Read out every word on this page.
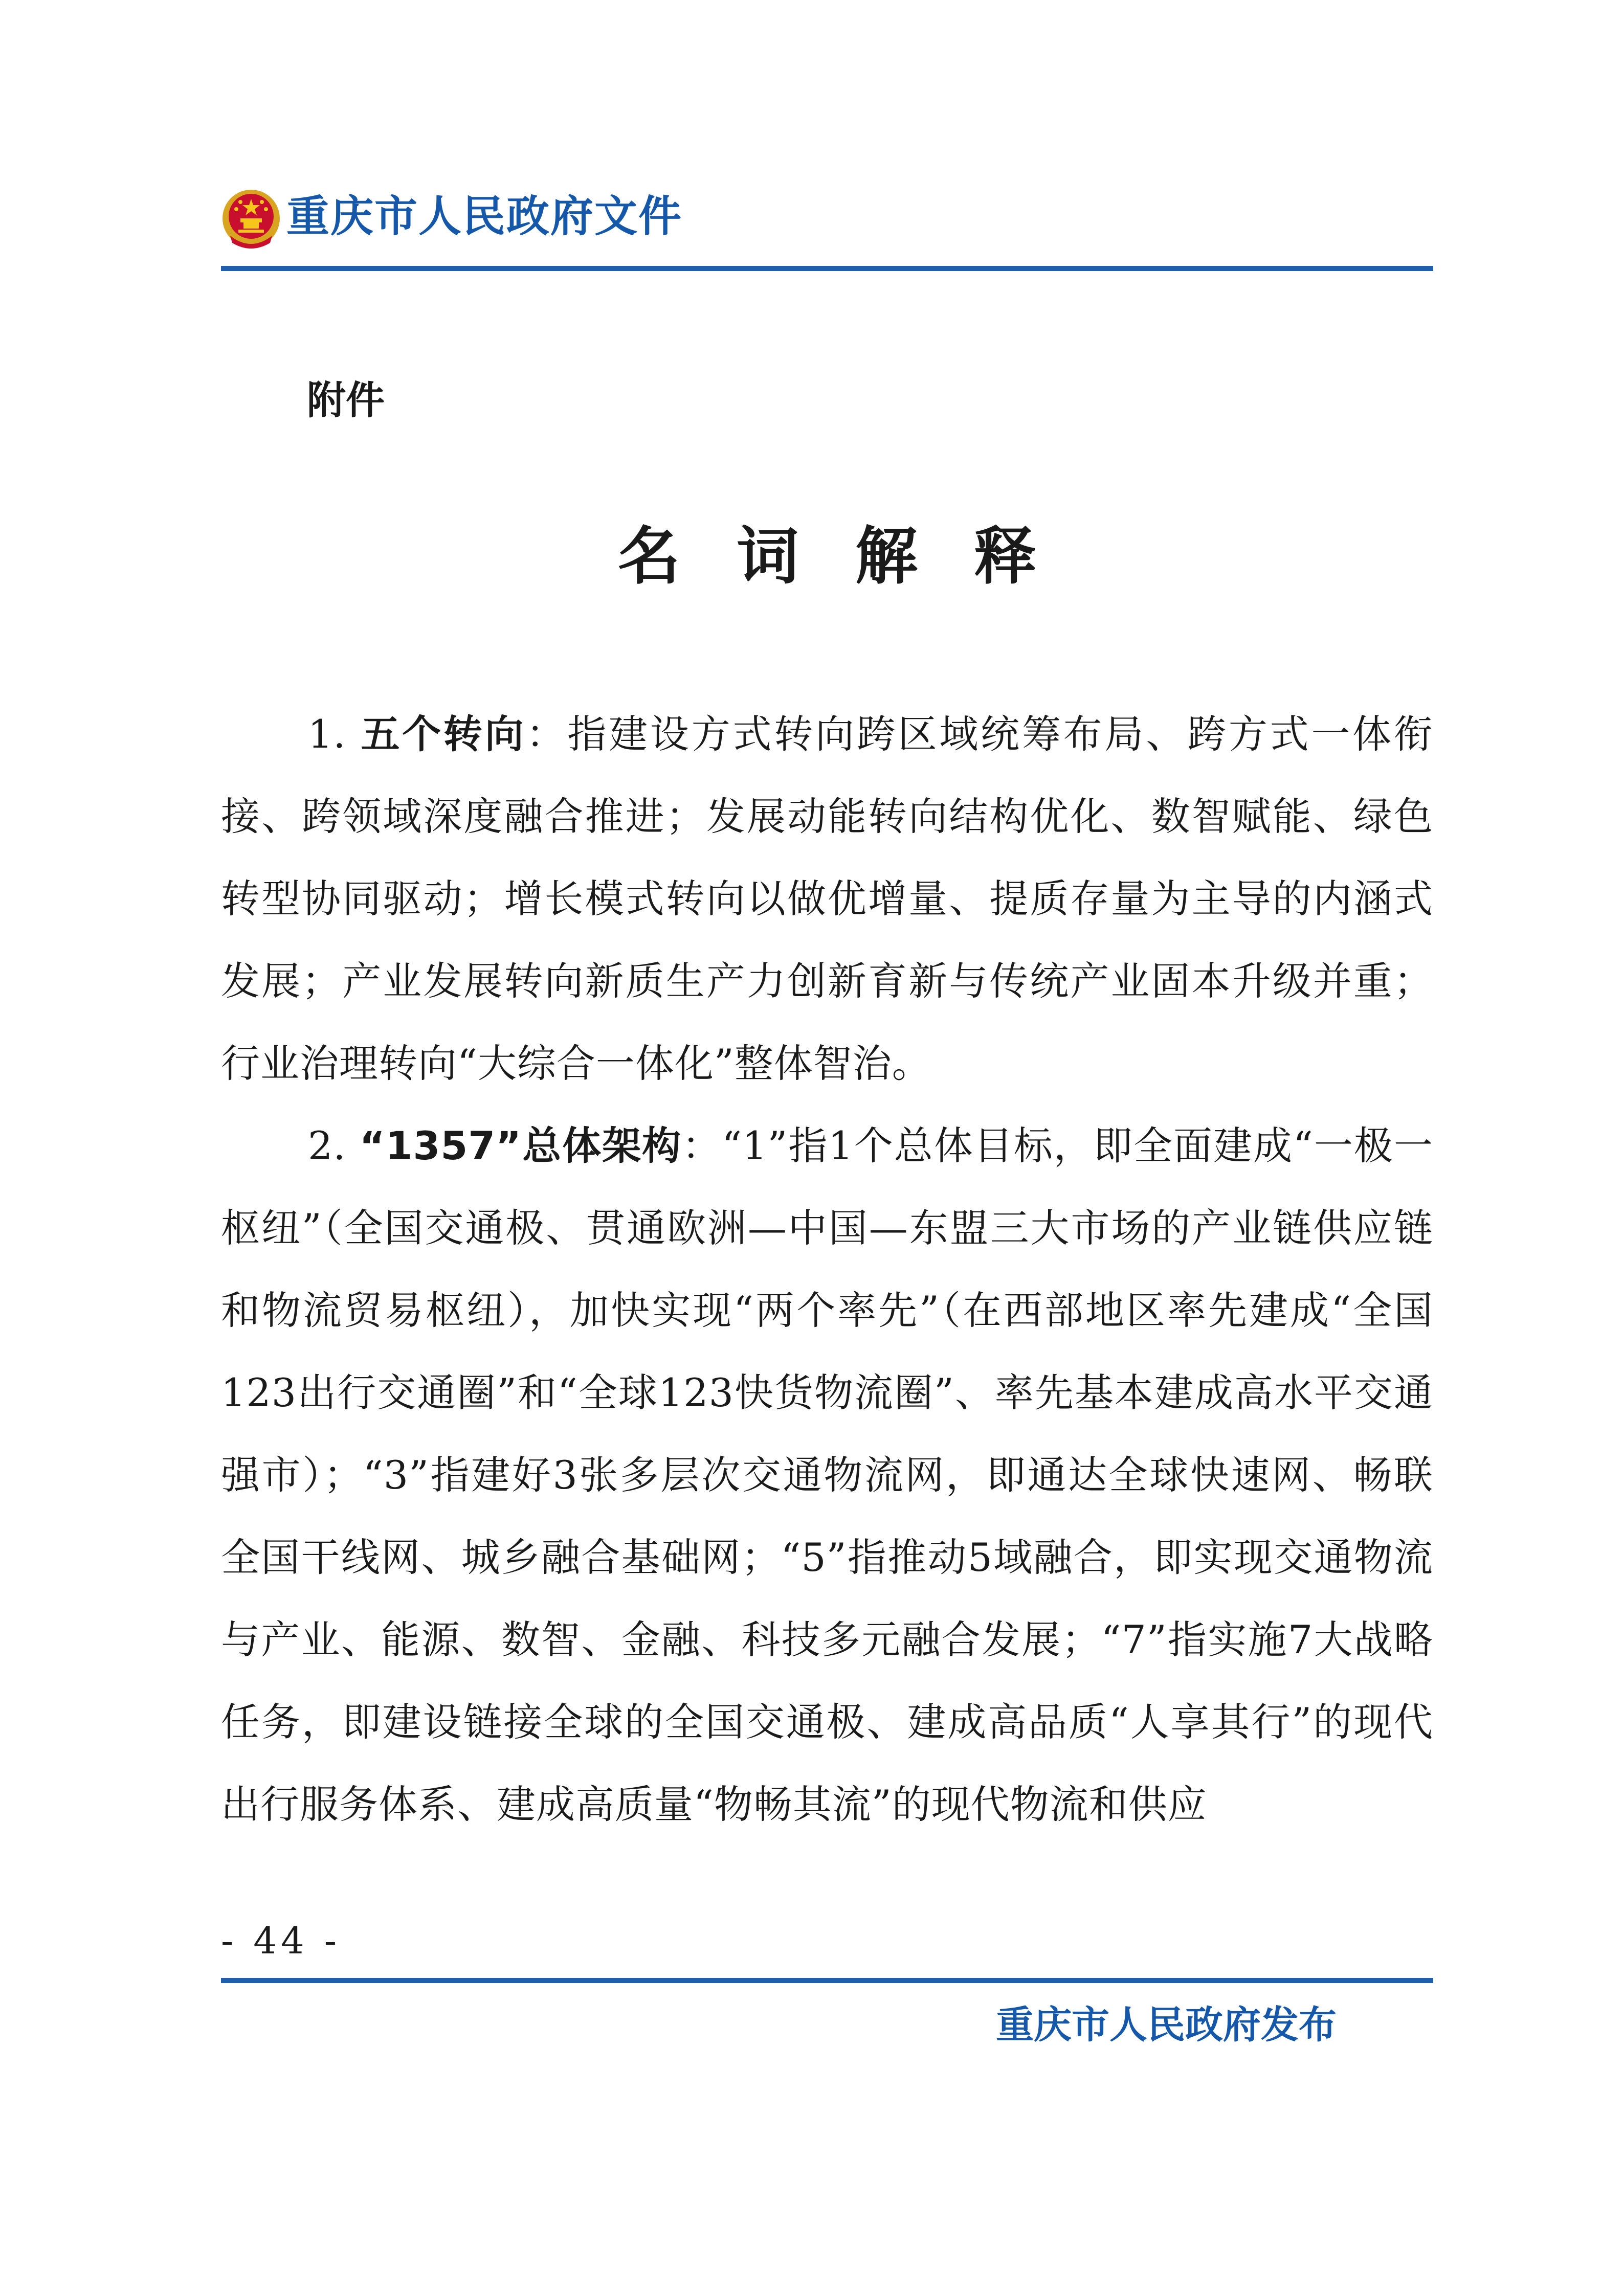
重庆市人民政府文件
附件
名词解释

1. 五个转向：指建设方式转向跨区域统筹布局、跨方式一体衔接、跨领域深度融合推进；发展动能转向结构优化、数智赋能、绿色转型协同驱动；增长模式转向以做优增量、提质存量为主导的内涵式发展；产业发展转向新质生产力创新育新与传统产业固本升级并重；行业治理转向“大综合一体化”整体智治。

2. “1357”总体架构：“1”指1个总体目标，即全面建成“一极一枢纽”（全国交通极、贯通欧洲—中国—东盟三大市场的产业链供应链和物流贸易枢纽），加快实现“两个率先”（在西部地区率先建成“全国123出行交通圈”和“全球123快货物流圈”、率先基本建成高水平交通强市）；“3”指建好3张多层次交通物流网，即通达全球快速网、畅联全国干线网、城乡融合基础网；“5”指推动5域融合，即实现交通物流与产业、能源、数智、金融、科技多元融合发展；“7”指实施7大战略任务，即建设链接全球的全国交通极、建成高品质“人享其行”的现代出行服务体系、建成高质量“物畅其流”的现代物流和供应

- 44 -
重庆市人民政府发布
